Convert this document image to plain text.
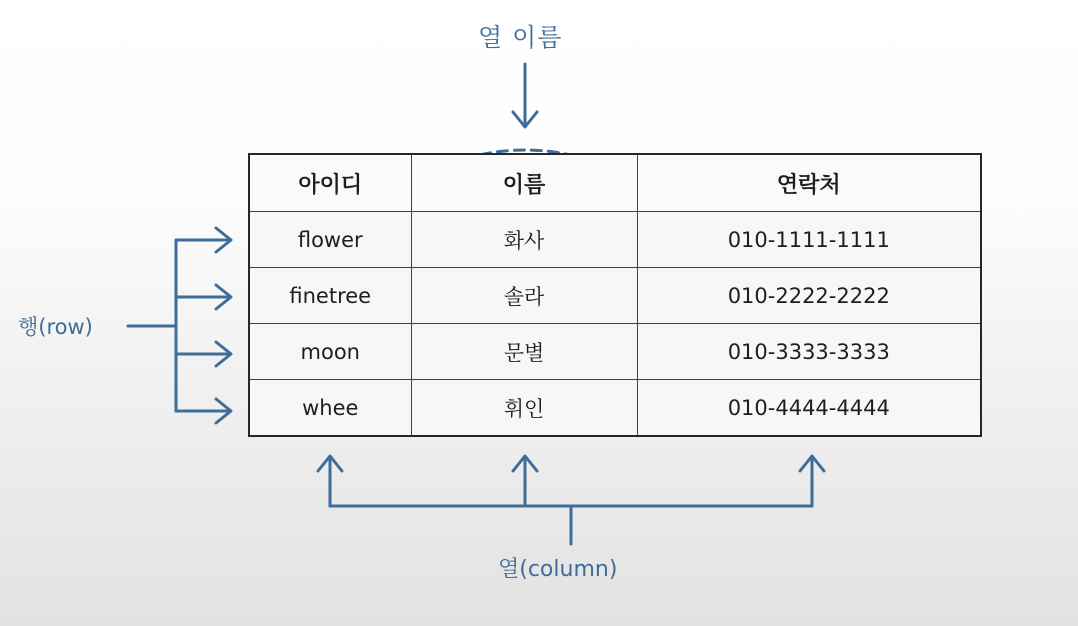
열 이름
행(row)
열(column)
아이디	이름	연락처
flower	화사	010-1111-1111
finetree	솔라	010-2222-2222
moon	문별	010-3333-3333
whee	휘인	010-4444-4444
